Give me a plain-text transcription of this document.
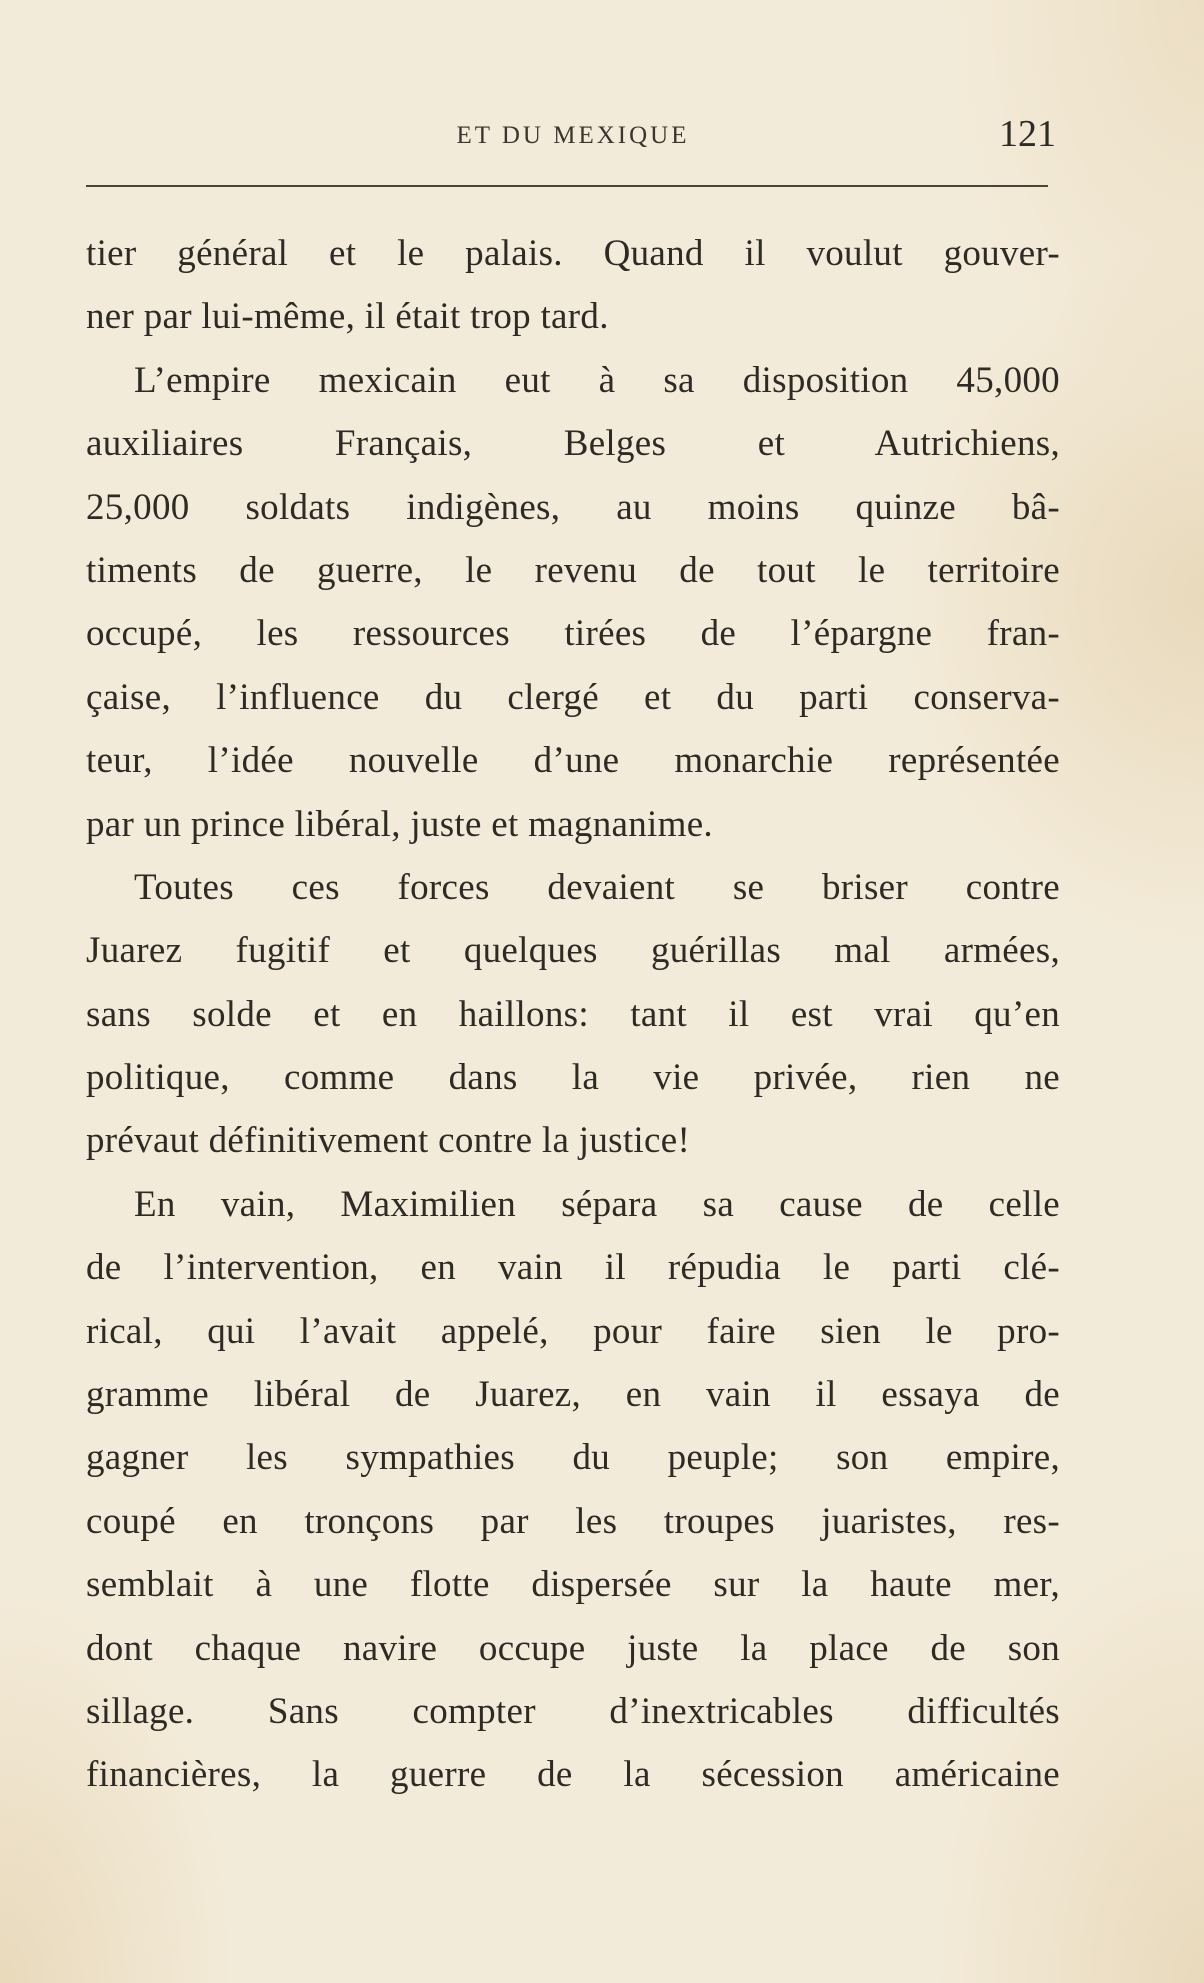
ET DU MEXIQUE	121
tier général et le palais. Quand il voulut gouver-
ner par lui-même, il était trop tard.
L’empire mexicain eut à sa disposition 45,000
auxiliaires Français, Belges et Autrichiens,
25,000 soldats indigènes, au moins quinze bâ-
timents de guerre, le revenu de tout le territoire
occupé, les ressources tirées de l’épargne fran-
çaise, l’influence du clergé et du parti conserva-
teur, l’idée nouvelle d’une monarchie représentée
par un prince libéral, juste et magnanime.
Toutes ces forces devaient se briser contre
Juarez fugitif et quelques guérillas mal armées,
sans solde et en haillons: tant il est vrai qu’en
politique, comme dans la vie privée, rien ne
prévaut définitivement contre la justice!
En vain, Maximilien sépara sa cause de celle
de l’intervention, en vain il répudia le parti clé-
rical, qui l’avait appelé, pour faire sien le pro-
gramme libéral de Juarez, en vain il essaya de
gagner les sympathies du peuple; son empire,
coupé en tronçons par les troupes juaristes, res-
semblait à une flotte dispersée sur la haute mer,
dont chaque navire occupe juste la place de son
sillage. Sans compter d’inextricables difficultés
financières, la guerre de la sécession américaine
